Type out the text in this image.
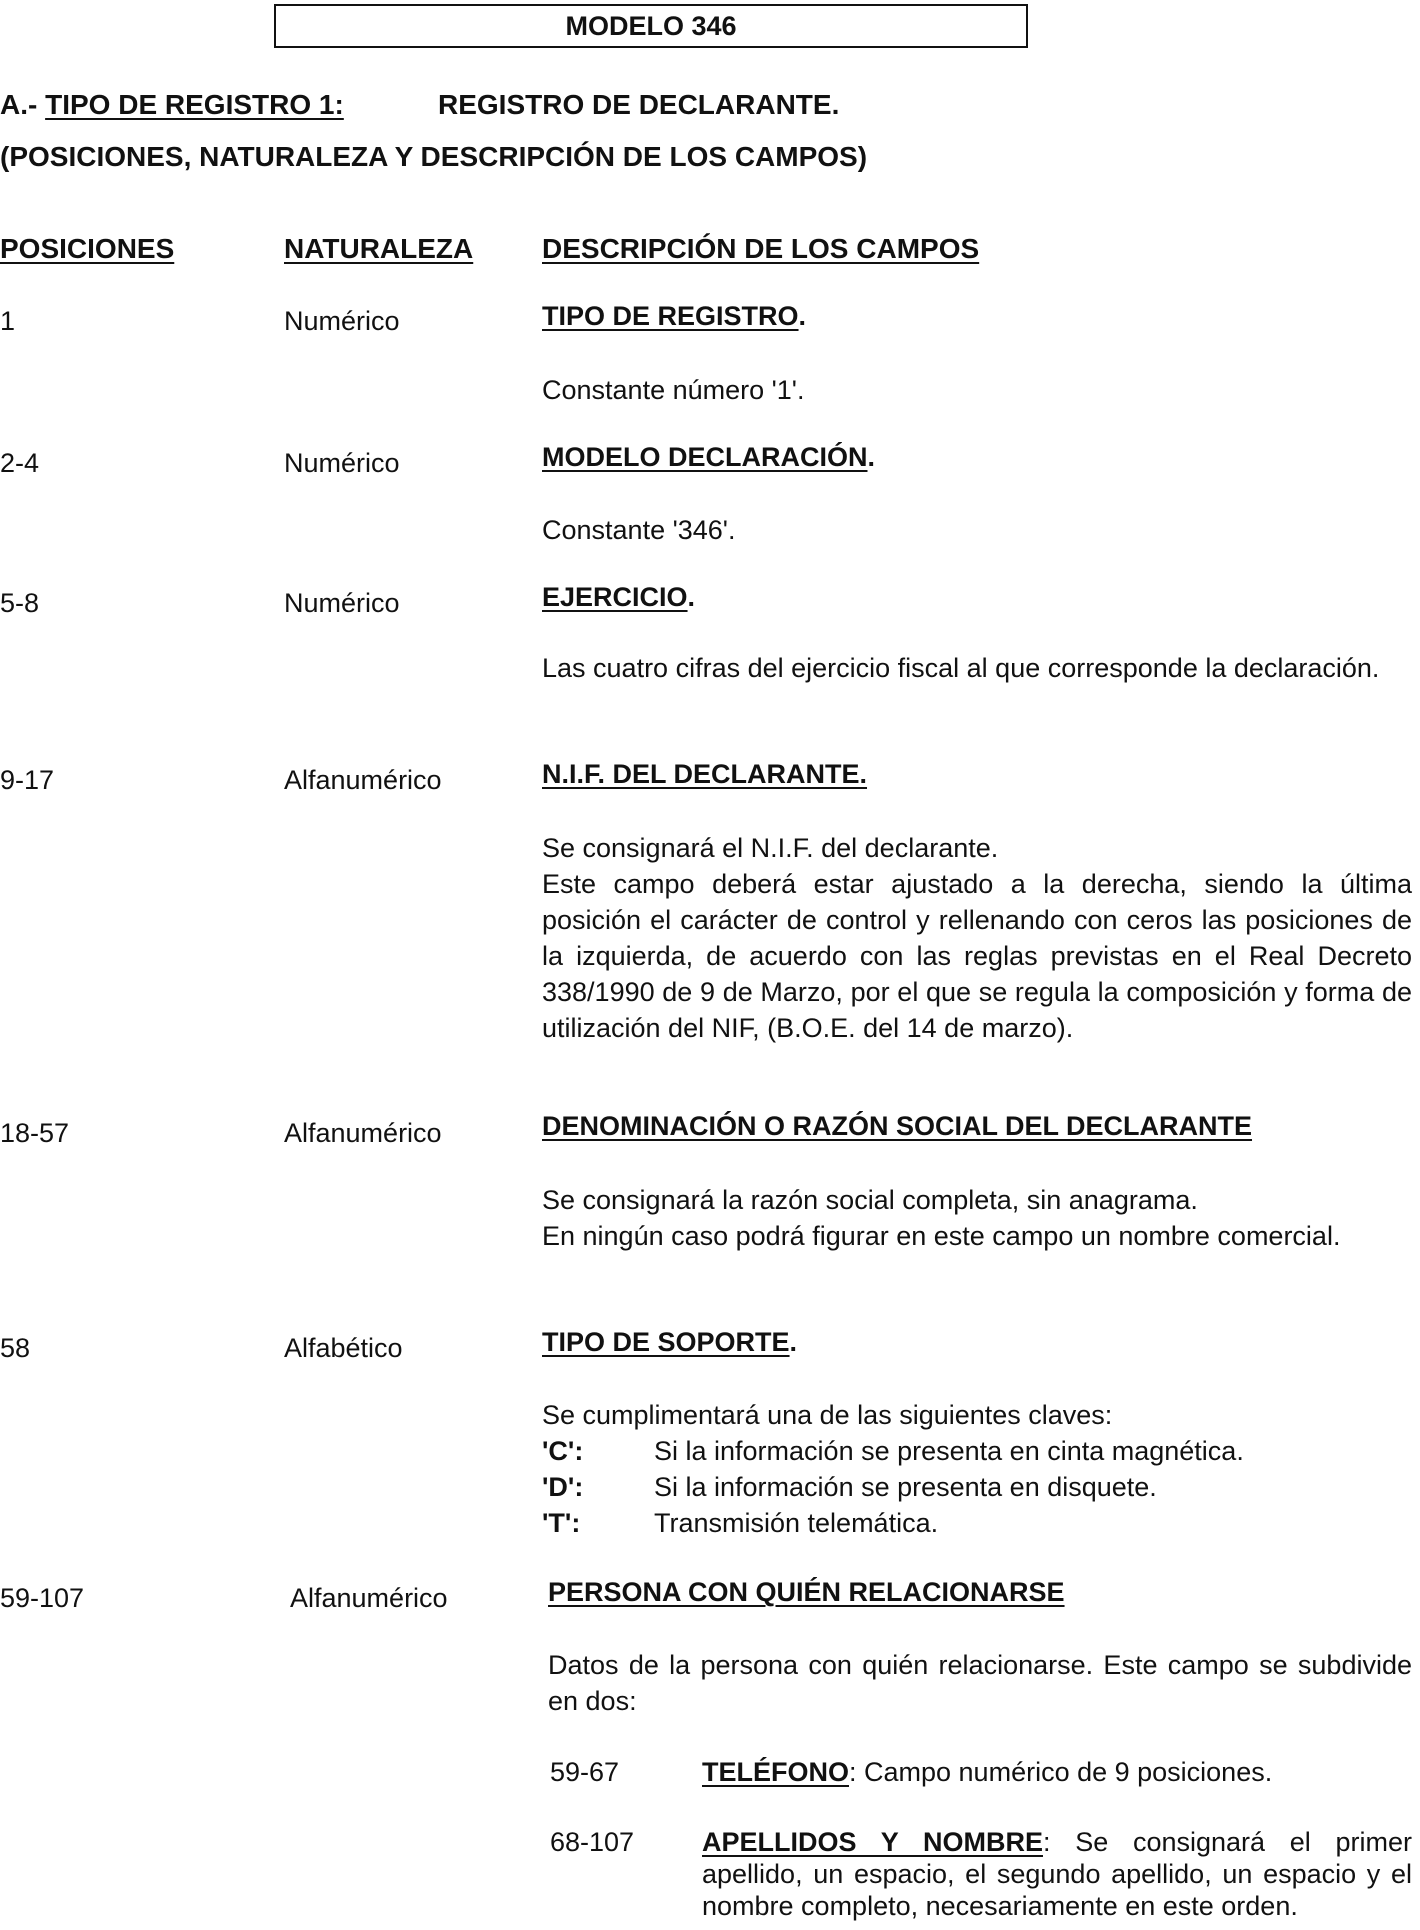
MODELO 346
A.- TIPO DE REGISTRO 1:	REGISTRO DE DECLARANTE.
(POSICIONES, NATURALEZA Y DESCRIPCIÓN DE LOS CAMPOS)
POSICIONES	NATURALEZA DESCRIPCIÓN DE LOS CAMPOS
1	Numérico	TIPO DE REGISTRO.

Constante número '1'.

2-4	Numérico	MODELO DECLARACIÓN.

Constante '346'.

5-8	Numérico	EJERCICIO.

Las cuatro cifras del ejercicio fiscal al que corresponde la declaración.

9-17	Alfanumérico	N.I.F. DEL DECLARANTE.

Se consignará el N.I.F. del declarante.

Este campo deberá estar ajustado a la derecha, siendo la última posición el carácter de control y rellenando con ceros las posiciones de la izquierda, de acuerdo con las reglas previstas en el Real Decreto 338/1990 de 9 de Marzo, por el que se regula la composición y forma de utilización del NIF, (B.O.E. del 14 de marzo).

18-57	Alfanumérico	DENOMINACIÓN O RAZÓN SOCIAL DEL DECLARANTE

Se consignará la razón social completa, sin anagrama.

En ningún caso podrá figurar en este campo un nombre comercial.

58	Alfabético	TIPO DE SOPORTE.

Se cumplimentará una de las siguientes claves:

'C':	Si la información se presenta en cinta magnética.
'D':	Si la información se presenta en disquete.
'T':	Transmisión telemática.
59-107	Alfanumérico	PERSONA CON QUIÉN RELACIONARSE

Datos de la persona con quién relacionarse. Este campo se subdivide en dos:

59-67	TELÉFONO: Campo numérico de 9 posiciones.
68-107	APELLIDOS Y NOMBRE: Se consignará el primer apellido, un espacio, el segundo apellido, un espacio y el nombre completo, necesariamente en este orden.
